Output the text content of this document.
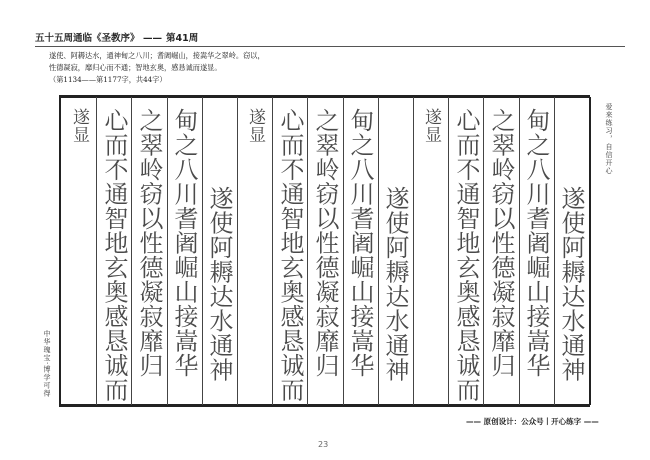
五十五周通临《圣教序》 —— 第41周
遂使、阿耨达水，通神甸之八川；耆阇崛山，接嵩华之翠岭。窃以，
性德凝寂，靡归心而不通；智地玄奥，感恳诚而遂显。
（第1134——第1177字，共44字）
遂使阿耨达水通神
甸之八川耆阇崛山接嵩华
之翠岭窃以性德凝寂靡归
心而不通智地玄奥感恳诚而
遂显
遂使阿耨达水通神
甸之八川耆阇崛山接嵩华
之翠岭窃以性德凝寂靡归
心而不通智地玄奥感恳诚而
遂显
遂使阿耨达水通神
甸之八川耆阇崛山接嵩华
之翠岭窃以性德凝寂靡归
心而不通智地玄奥感恳诚而
遂显	爱来练习，自信开心
中华瑰宝·博学可得
—— 原创设计：公众号丨开心练字 ——
23
